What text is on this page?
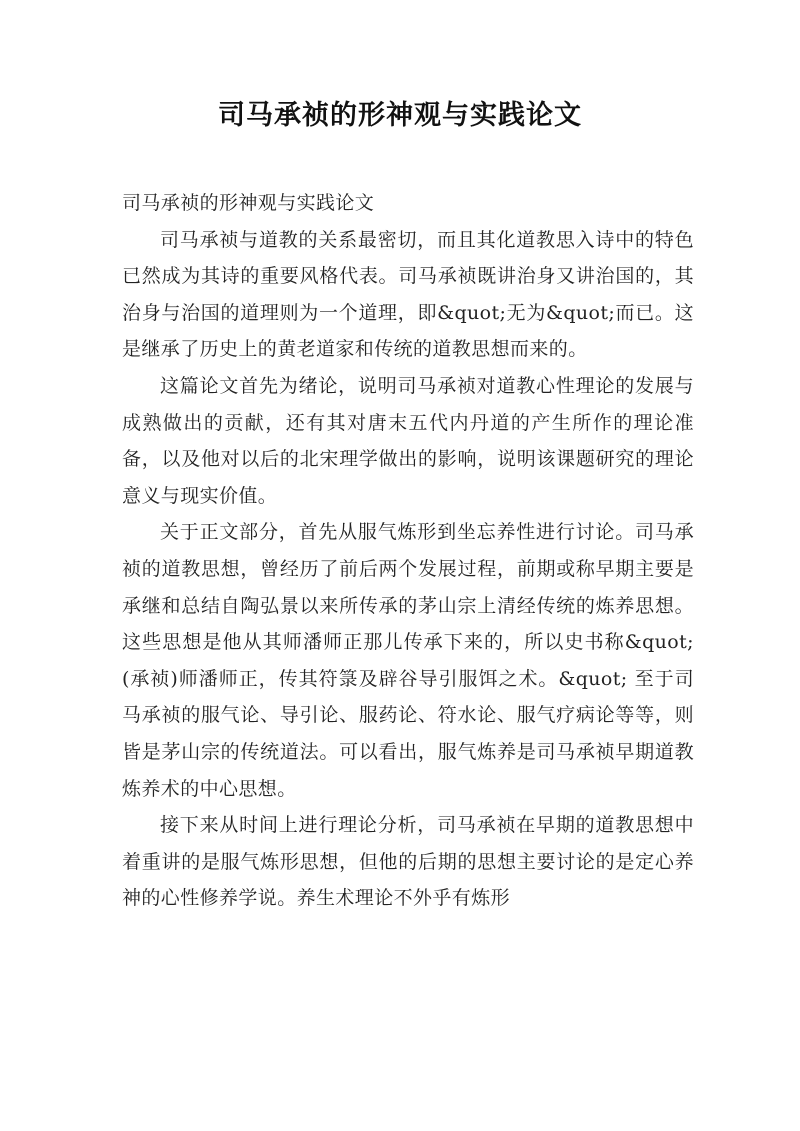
司马承祯的形神观与实践论文

司马承祯的形神观与实践论文

司马承祯与道教的关系最密切，而且其化道教思入诗中的特色已然成为其诗的重要风格代表。司马承祯既讲治身又讲治国的，其治身与治国的道理则为一个道理，即&quot;无为&quot;而已。这是继承了历史上的黄老道家和传统的道教思想而来的。

这篇论文首先为绪论，说明司马承祯对道教心性理论的发展与成熟做出的贡献，还有其对唐末五代内丹道的产生所作的理论准备，以及他对以后的北宋理学做出的影响，说明该课题研究的理论意义与现实价值。

关于正文部分，首先从服气炼形到坐忘养性进行讨论。司马承祯的道教思想，曾经历了前后两个发展过程，前期或称早期主要是承继和总结自陶弘景以来所传承的茅山宗上清经传统的炼养思想。这些思想是他从其师潘师正那儿传承下来的，所以史书称&quot;(承祯)师潘师正，传其符箓及辟谷导引服饵之术。&quot; 至于司马承祯的服气论、导引论、服药论、符水论、服气疗病论等等，则皆是茅山宗的传统道法。可以看出，服气炼养是司马承祯早期道教炼养术的中心思想。

接下来从时间上进行理论分析，司马承祯在早期的道教思想中着重讲的是服气炼形思想，但他的后期的思想主要讨论的是定心养神的心性修养学说。养生术理论不外乎有炼形
